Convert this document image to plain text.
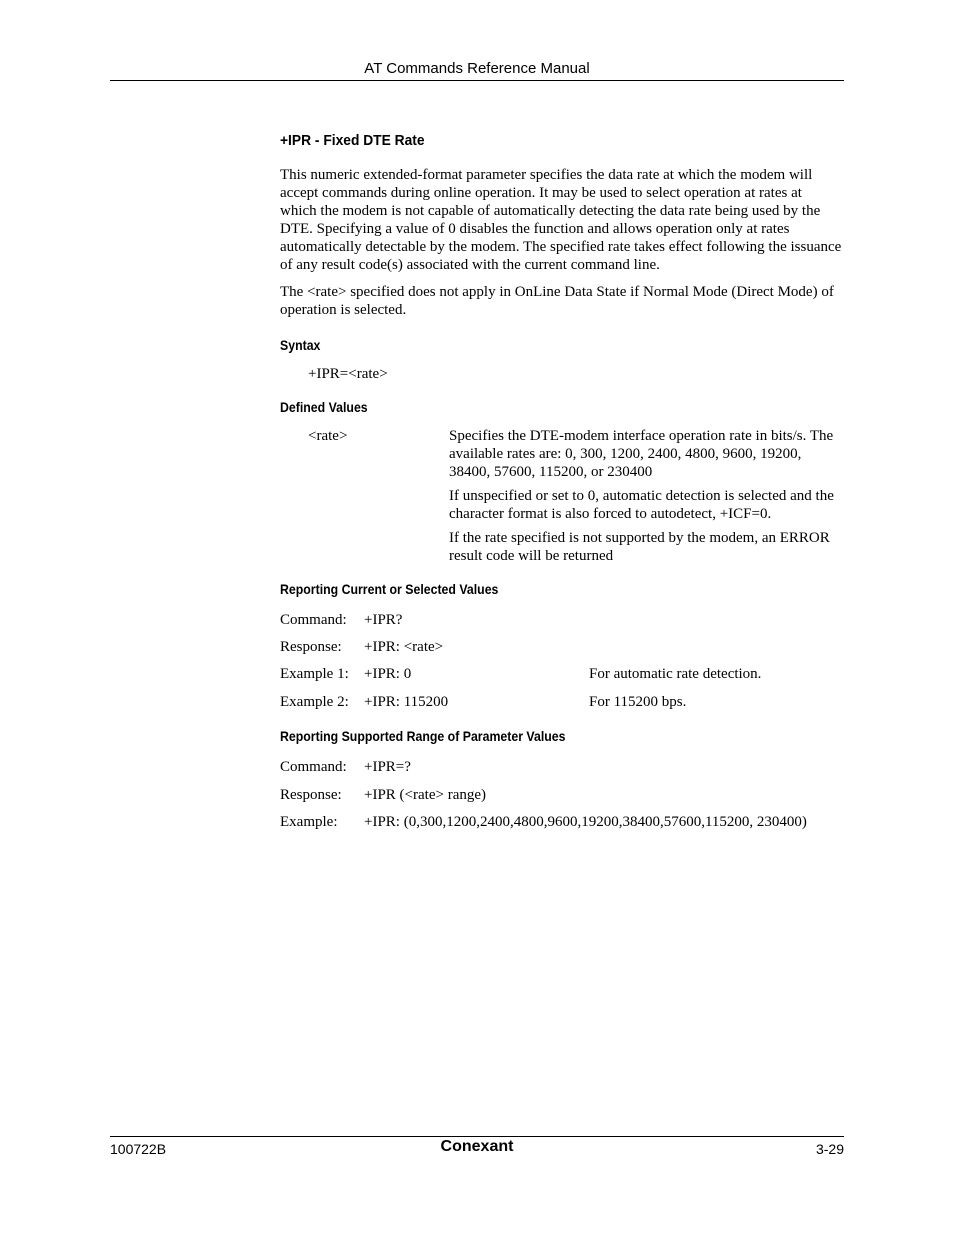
AT Commands Reference Manual
+IPR - Fixed DTE Rate

This numeric extended-format parameter specifies the data rate at which the modem will accept commands during online operation. It may be used to select operation at rates at which the modem is not capable of automatically detecting the data rate being used by the DTE. Specifying a value of 0 disables the function and allows operation only at rates automatically detectable by the modem. The specified rate takes effect following the issuance of any result code(s) associated with the current command line.

The <rate> specified does not apply in OnLine Data State if Normal Mode (Direct Mode) of operation is selected.

Syntax
+IPR=<rate>
Defined Values
<rate>	Specifies the DTE-modem interface operation rate in bits/s. The available rates are: 0, 300, 1200, 2400, 4800, 9600, 19200, 38400, 57600, 115200, or 230400
If unspecified or set to 0, automatic detection is selected and the character format is also forced to autodetect, +ICF=0.
If the rate specified is not supported by the modem, an ERROR result code will be returned
Reporting Current or Selected Values
Command: +IPR?
Response: +IPR: <rate>
Example 1: +IPR: 0	For automatic rate detection.
Example 2: +IPR: 115200	For 115200 bps.
Reporting Supported Range of Parameter Values
Command: +IPR=?
Response: +IPR (<rate> range)
Example: +IPR: (0,300,1200,2400,4800,9600,19200,38400,57600,115200, 230400)
100722B	Conexant	3-29
